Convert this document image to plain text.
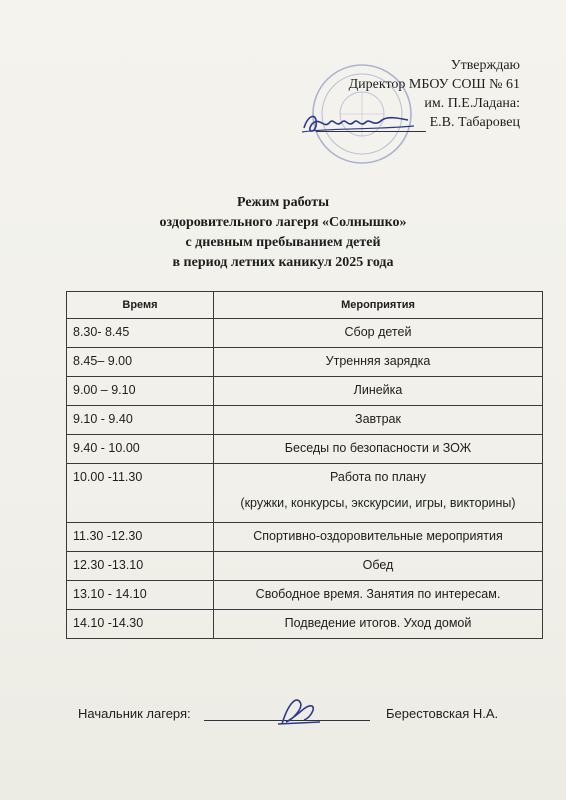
Утверждаю
Директор МБОУ СОШ № 61
им. П.Е.Ладана:
Е.В. Табаровец
Режим работы
оздоровительного лагеря «Солнышко»
с дневным пребыванием детей
в период летних каникул 2025 года
Время	Мероприятия
8.30- 8.45	Сбор детей
8.45– 9.00	Утренняя зарядка
9.00 – 9.10	Линейка
9.10 - 9.40	Завтрак
9.40 - 10.00	Беседы по безопасности и ЗОЖ
10.00 -11.30	Работа по плану
(кружки, конкурсы, экскурсии, игры, викторины)

11.30 -12.30	Спортивно-оздоровительные мероприятия
12.30 -13.10	Обед
13.10 - 14.10	Свободное время. Занятия по интересам.
14.10 -14.30	Подведение итогов. Уход домой
Начальник лагеря:	Берестовская Н.А.
